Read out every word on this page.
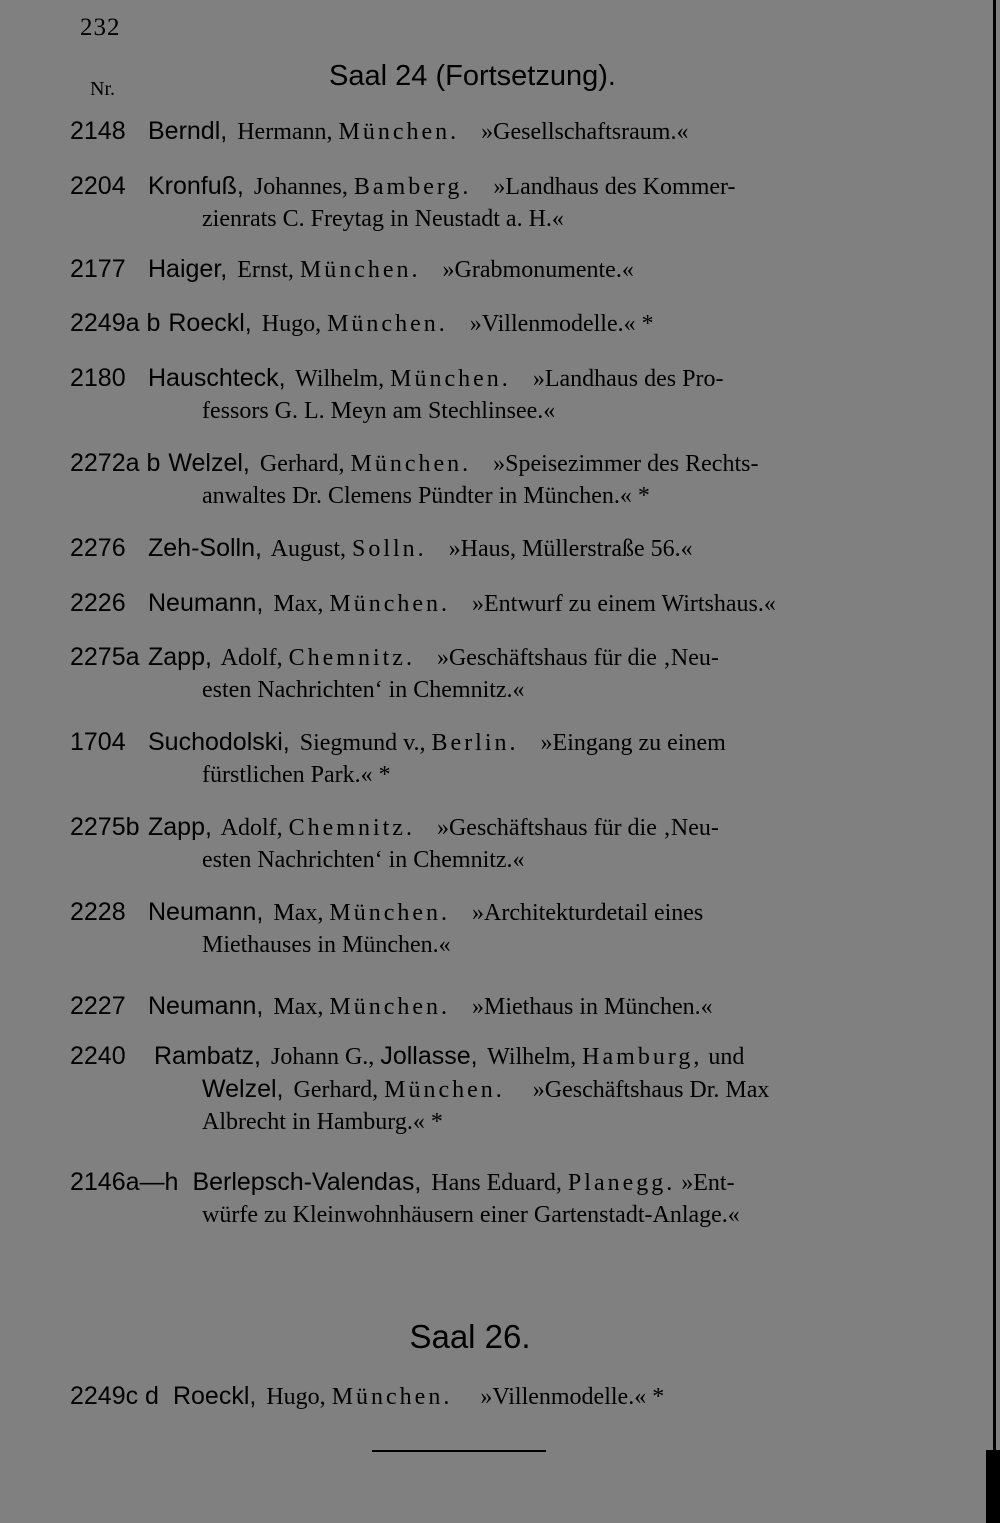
232
Nr.	Saal 24 (Fortsetzung).
2148 Berndl, Hermann, München. »Gesellschaftsraum.«
2204 Kronfuß, Johannes, Bamberg. »Landhaus des Kommer-
zienrats C. Freytag in Neustadt a. H.«
2177 Haiger, Ernst, München. »Grabmonumente.«
2249a b Roeckl, Hugo, München. »Villenmodelle.« *
2180 Hauschteck, Wilhelm, München. »Landhaus des Pro-
fessors G. L. Meyn am Stechlinsee.«
2272a b Welzel, Gerhard, München. »Speisezimmer des Rechts-
anwaltes Dr. Clemens Pündter in München.« *
2276 Zeh-Solln, August, Solln. »Haus, Müllerstraße 56.«
2226 Neumann, Max, München. »Entwurf zu einem Wirtshaus.«
2275a Zapp, Adolf, Chemnitz. »Geschäftshaus für die ‚Neu-
esten Nachrichten‘ in Chemnitz.«
1704 Suchodolski, Siegmund v., Berlin. »Eingang zu einem
fürstlichen Park.« *
2275b Zapp, Adolf, Chemnitz. »Geschäftshaus für die ‚Neu-
esten Nachrichten‘ in Chemnitz.«
2228 Neumann, Max, München. »Architekturdetail eines
Miethauses in München.«
2227 Neumann, Max, München. »Miethaus in München.«
2240 Rambatz, Johann G., Jollasse, Wilhelm, Hamburg, und
Welzel, Gerhard, München. »Geschäftshaus Dr. Max
Albrecht in Hamburg.« *
2146a—h Berlepsch-Valendas, Hans Eduard, Planegg. »Ent-
würfe zu Kleinwohnhäusern einer Gartenstadt-Anlage.«
Saal 26.
2249c d Roeckl, Hugo, München. »Villenmodelle.« *
